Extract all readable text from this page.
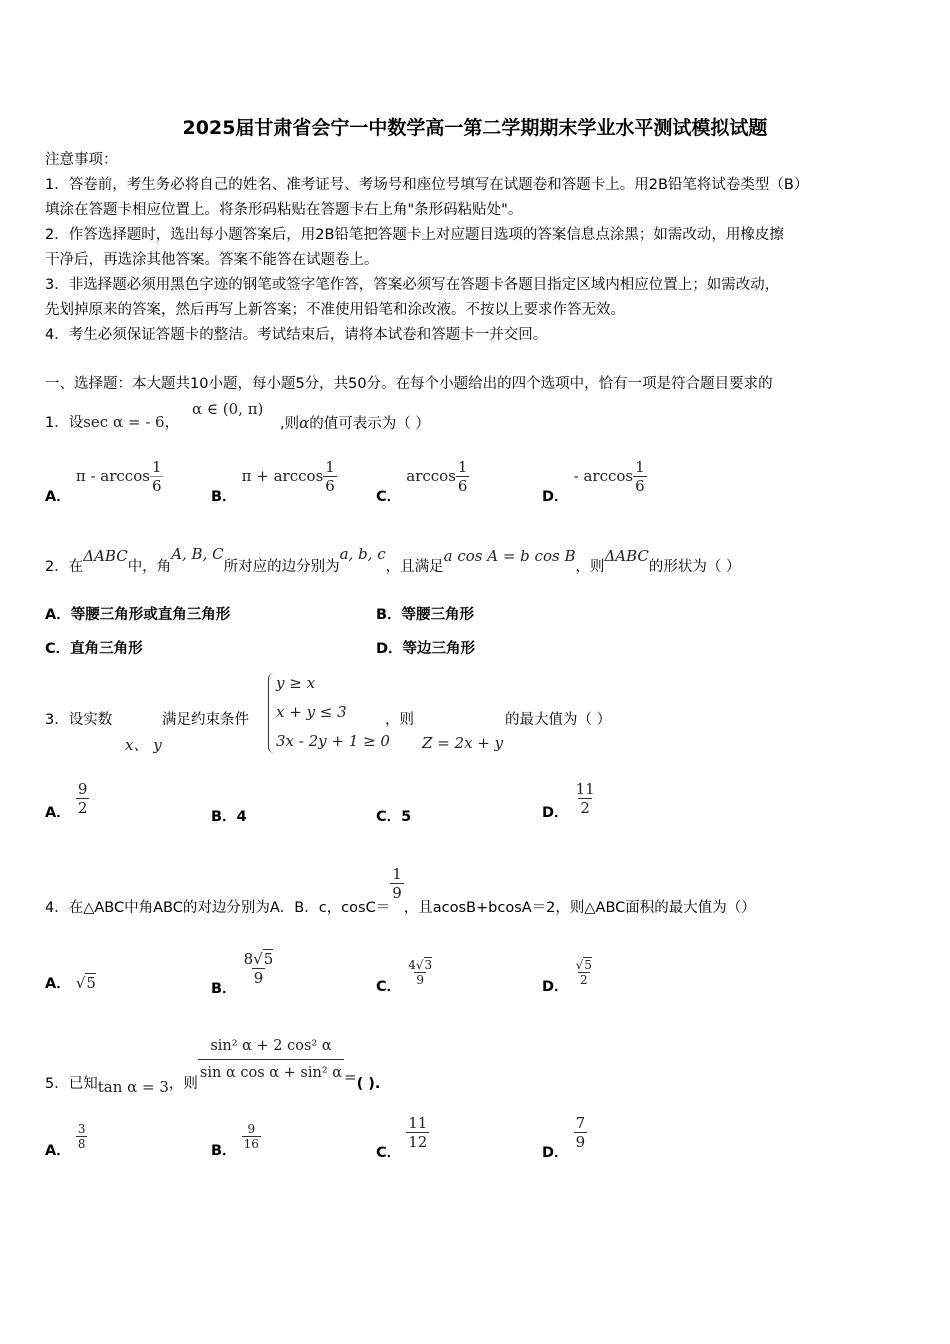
2025届甘肃省会宁一中数学高一第二学期期末学业水平测试模拟试题
注意事项：
1．答卷前，考生务必将自己的姓名、准考证号、考场号和座位号填写在试题卷和答题卡上。用2B铅笔将试卷类型（B）
填涂在答题卡相应位置上。将条形码粘贴在答题卡右上角"条形码粘贴处"。
2．作答选择题时，选出每小题答案后，用2B铅笔把答题卡上对应题目选项的答案信息点涂黑；如需改动，用橡皮擦
干净后，再选涂其他答案。答案不能答在试题卷上。
3．非选择题必须用黑色字迹的钢笔或签字笔作答，答案必须写在答题卡各题目指定区域内相应位置上；如需改动，
先划掉原来的答案，然后再写上新答案；不准使用铅笔和涂改液。不按以上要求作答无效。
4．考生必须保证答题卡的整洁。考试结束后，请将本试卷和答题卡一并交回。
一、选择题：本大题共10小题，每小题5分，共50分。在每个小题给出的四个选项中，恰有一项是符合题目要求的
1．设sec α = - 6，
α ∈ (0, π)
,则α的值可表示为（ ）
A． π - $\arccos \frac{1}{6}$
B． $\pi + \arccos \frac{1}{6}$
C． $\arccos \frac{1}{6}$
D． - $\arccos \frac{1}{6}$
2．在ΔABC中，角A, B, C所对应的边分别为a, b, c，且满足a cos A = b cos B，则ΔABC的形状为（ ）
A．等腰三角形或直角三角形	B．等腰三角形
C．直角三角形	D．等边三角形
3．设实数	满足约束条件
y ≥ x
x + y ≤ 3
3x - 2y + 1 ≥ 0
，则	的最大值为（ ）
x、 y	Z = 2x + y
A． $\frac{9}{2}$	B．4	C．5	D． $\frac{11}{2}$
4．在△ABC中角ABC的对边分别为A．B．c，cosC＝
$\frac{1}{9}$
，且acosB+bcosA＝2，则△ABC面积的最大值为（）
A． √5	B．
$\frac{8√5}{9}$	C． $\frac{4√3}{9}$	D． $\frac{√5}{2}$
5．已知tan α = 3，则 $\frac{\text{sin² α + 2 cos² α}}{\text{sin α cos α + sin² α}}$ =( ).
A． $\frac{3}{8}$	B． $\frac{9}{16}$
C．
$\frac{11}{12}$
D．
$\frac{7}{9}$
